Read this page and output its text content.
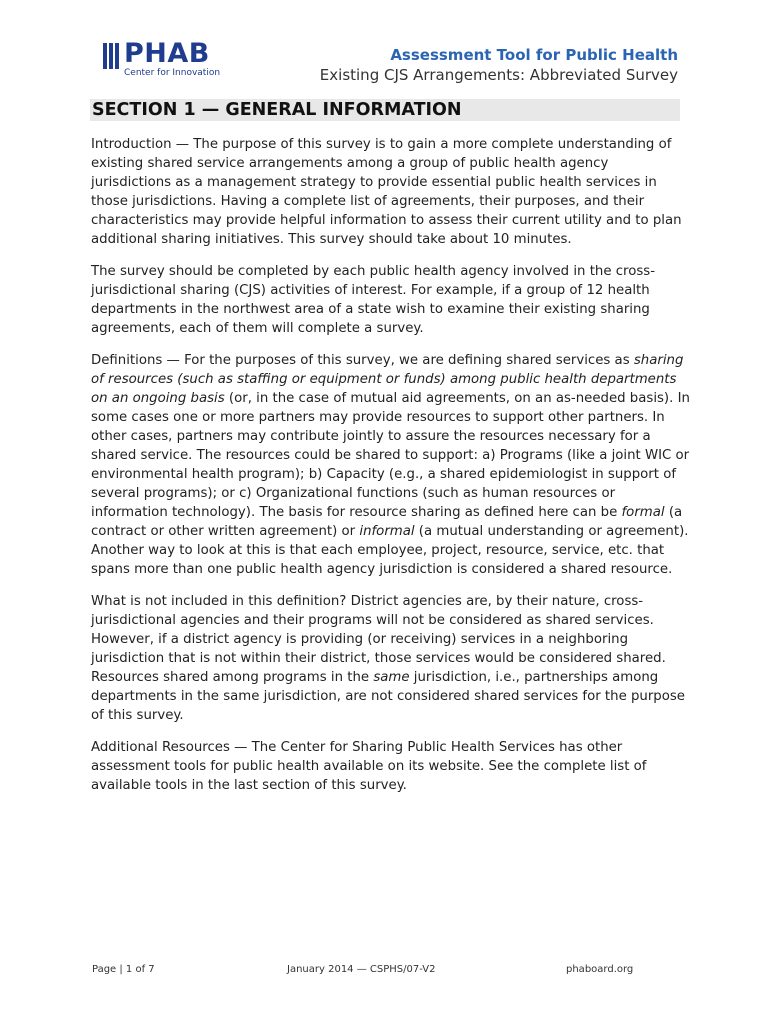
PHAB
Center for Innovation
Assessment Tool for Public Health
Existing CJS Arrangements: Abbreviated Survey
SECTION 1 — GENERAL INFORMATION

Introduction — The purpose of this survey is to gain a more complete understanding of existing shared service arrangements among a group of public health agency jurisdictions as a management strategy to provide essential public health services in those jurisdictions. Having a complete list of agreements, their purposes, and their characteristics may provide helpful information to assess their current utility and to plan additional sharing initiatives. This survey should take about 10 minutes.

The survey should be completed by each public health agency involved in the cross-jurisdictional sharing (CJS) activities of interest. For example, if a group of 12 health departments in the northwest area of a state wish to examine their existing sharing agreements, each of them will complete a survey.

Definitions — For the purposes of this survey, we are defining shared services as sharing of resources (such as staffing or equipment or funds) among public health departments on an ongoing basis (or, in the case of mutual aid agreements, on an as-needed basis). In some cases one or more partners may provide resources to support other partners. In other cases, partners may contribute jointly to assure the resources necessary for a shared service. The resources could be shared to support: a) Programs (like a joint WIC or environmental health program); b) Capacity (e.g., a shared epidemiologist in support of several programs); or c) Organizational functions (such as human resources or information technology). The basis for resource sharing as defined here can be formal (a contract or other written agreement) or informal (a mutual understanding or agreement). Another way to look at this is that each employee, project, resource, service, etc. that spans more than one public health agency jurisdiction is considered a shared resource.

What is not included in this definition? District agencies are, by their nature, cross-jurisdictional agencies and their programs will not be considered as shared services. However, if a district agency is providing (or receiving) services in a neighboring jurisdiction that is not within their district, those services would be considered shared. Resources shared among programs in the same jurisdiction, i.e., partnerships among departments in the same jurisdiction, are not considered shared services for the purpose of this survey.

Additional Resources — The Center for Sharing Public Health Services has other assessment tools for public health available on its website. See the complete list of available tools in the last section of this survey.

Page | 1 of 7	January 2014 — CSPHS/07-V2	phaboard.org
